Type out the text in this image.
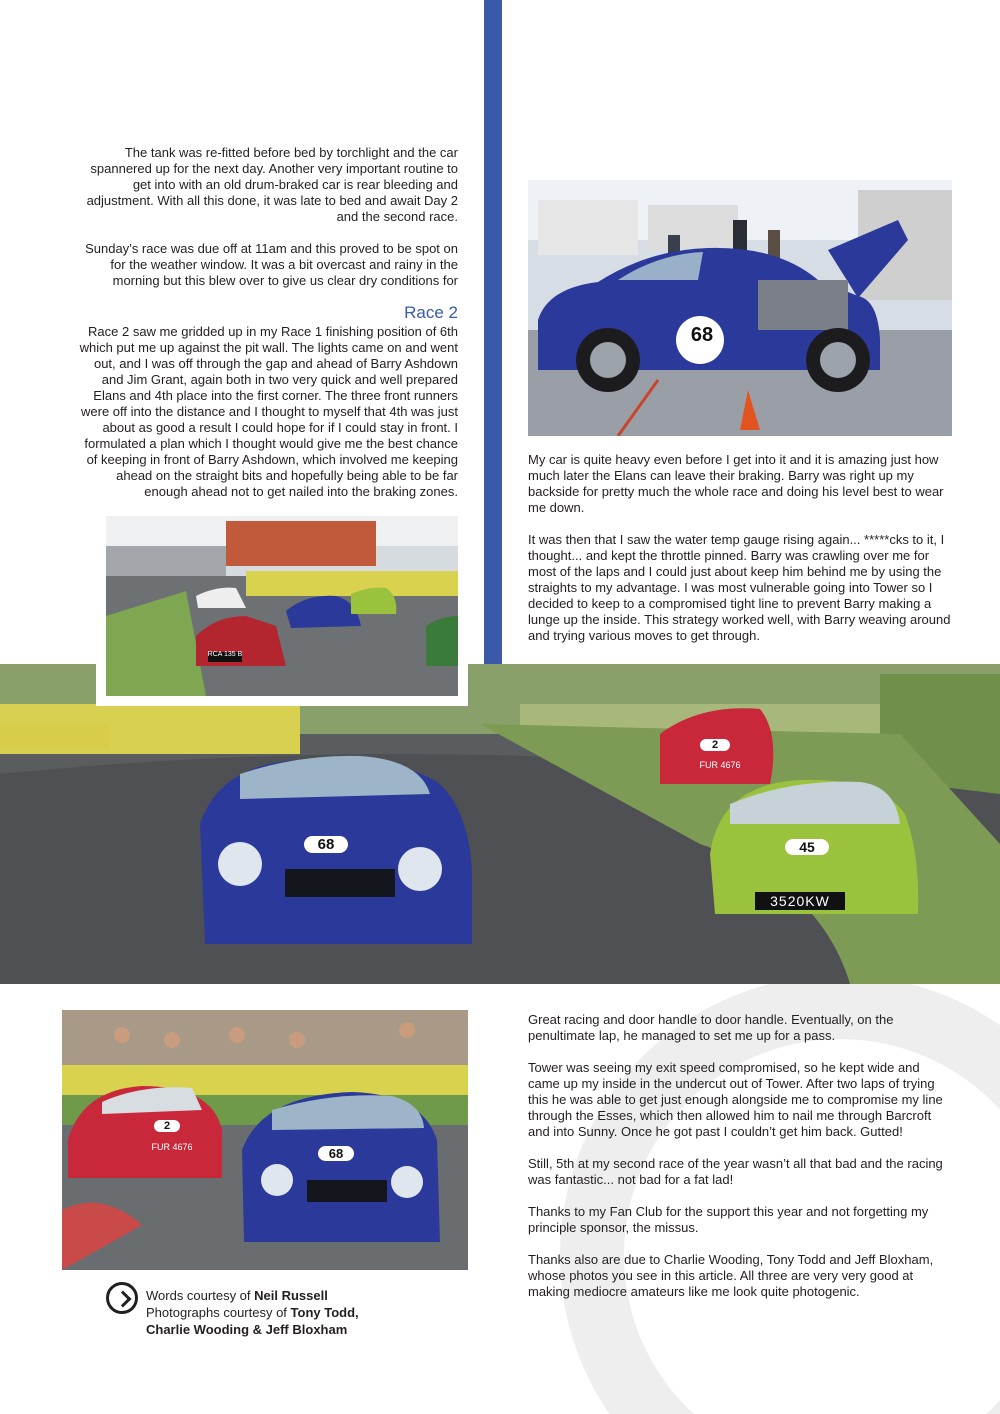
The tank was re-fitted before bed by torchlight and the car spannered up for the next day. Another very important routine to get into with an old drum-braked car is rear bleeding and adjustment. With all this done, it was late to bed and await Day 2 and the second race.

Sunday’s race was due off at 11am and this proved to be spot on for the weather window. It was a bit overcast and rainy in the morning but this blew over to give us clear dry conditions for

Race 2

Race 2 saw me gridded up in my Race 1 finishing position of 6th which put me up against the pit wall. The lights came on and went out, and I was off through the gap and ahead of Barry Ashdown and Jim Grant, again both in two very quick and well prepared Elans and 4th place into the first corner. The three front runners were off into the distance and I thought to myself that 4th was just about as good a result I could hope for if I could stay in front. I formulated a plan which I thought would give me the best chance of keeping in front of Barry Ashdown, which involved me keeping ahead on the straight bits and hopefully being able to be far enough ahead not to get nailed into the braking zones.

68

My car is quite heavy even before I get into it and it is amazing just how much later the Elans can leave their braking. Barry was right up my backside for pretty much the whole race and doing his level best to wear me down.

It was then that I saw the water temp gauge rising again... *****cks to it, I thought... and kept the throttle pinned. Barry was crawling over me for most of the laps and I could just about keep him behind me by using the straights to my advantage. I was most vulnerable going into Tower so I decided to keep to a compromised tight line to prevent Barry making a lunge up the inside. This strategy worked well, with Barry weaving around and trying various moves to get through.

68	45
3520KW
2
FUR 4676
RCA 135 B
68
2
FUR 4676
Words courtesy of Neil Russell
Photographs courtesy of Tony Todd,
Charlie Wooding & Jeff Bloxham

Great racing and door handle to door handle. Eventually, on the penultimate lap, he managed to set me up for a pass.

Tower was seeing my exit speed compromised, so he kept wide and came up my inside in the undercut out of Tower. After two laps of trying this he was able to get just enough alongside me to compromise my line through the Esses, which then allowed him to nail me through Barcroft and into Sunny. Once he got past I couldn’t get him back. Gutted!

Still, 5th at my second race of the year wasn’t all that bad and the racing was fantastic... not bad for a fat lad!

Thanks to my Fan Club for the support this year and not forgetting my principle sponsor, the missus.

Thanks also are due to Charlie Wooding, Tony Todd and Jeff Bloxham, whose photos you see in this article. All three are very very good at making mediocre amateurs like me look quite photogenic.
